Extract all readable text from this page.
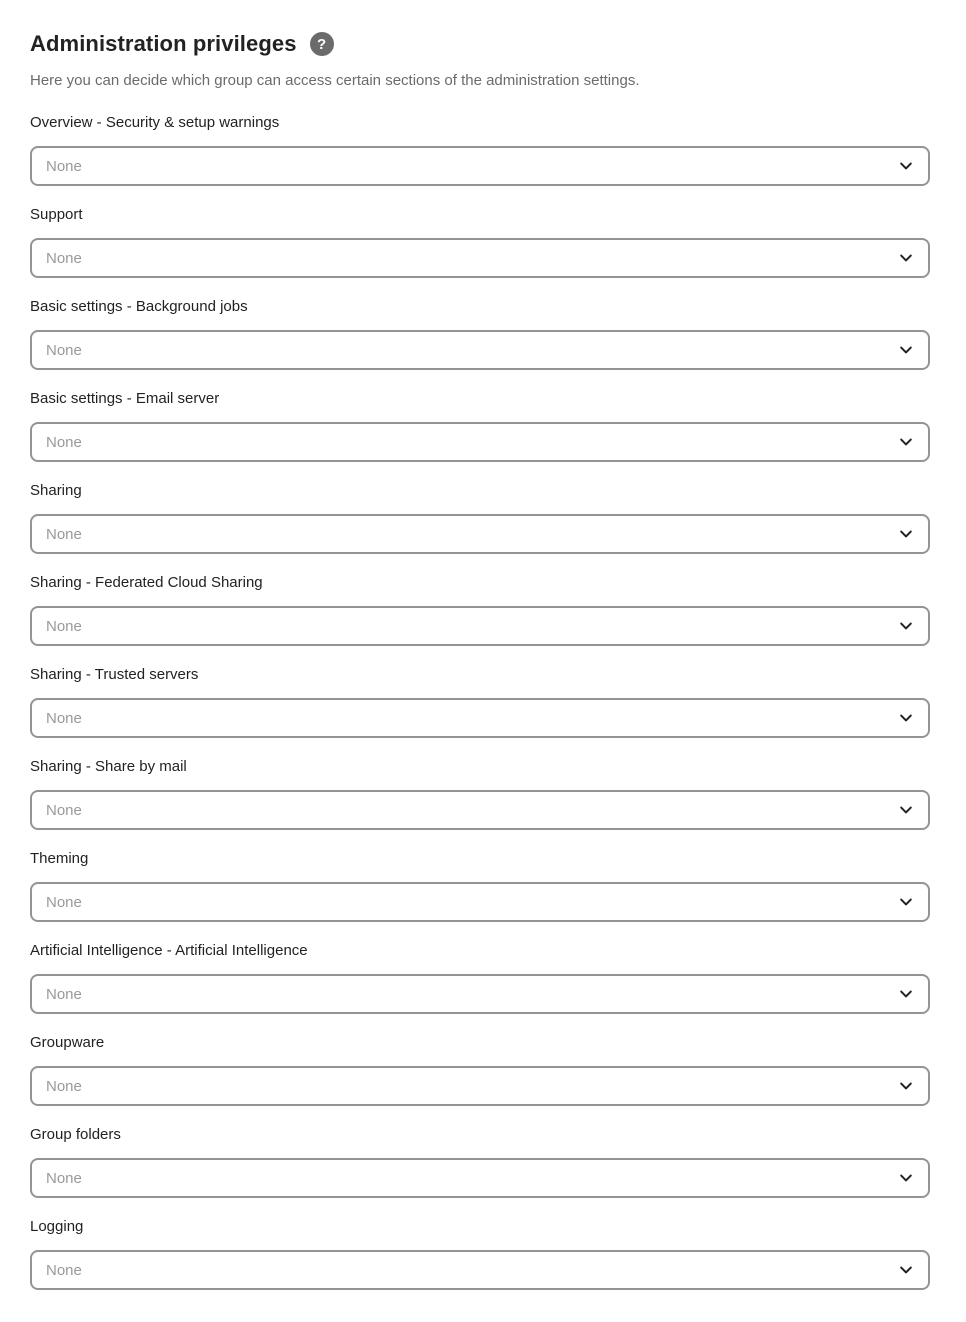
Administration privileges	?

Here you can decide which group can access certain sections of the administration settings.

Overview - Security & setup warnings
None
Support
None
Basic settings - Background jobs
None
Basic settings - Email server
None
Sharing
None
Sharing - Federated Cloud Sharing
None
Sharing - Trusted servers
None
Sharing - Share by mail
None
Theming
None
Artificial Intelligence - Artificial Intelligence
None
Groupware
None
Group folders
None
Logging
None
